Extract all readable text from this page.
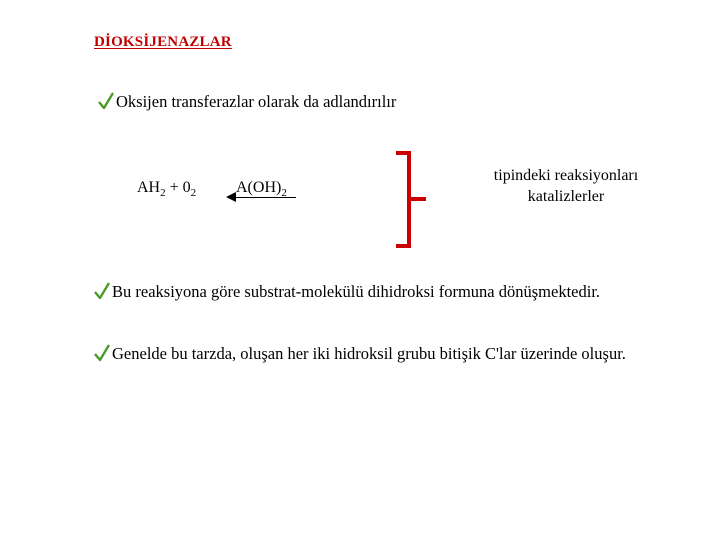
DİOKSİJENAZLAR
Oksijen transferazlar olarak da adlandırılır
$AH_2 + 0_2$ $A(OH)_2$
tipindeki reaksiyonları
katalizlerler
Bu reaksiyona göre substrat-molekülü dihidroksi formuna dönüşmektedir.
Genelde bu tarzda, oluşan her iki hidroksil grubu bitişik C'lar üzerinde oluşur.
